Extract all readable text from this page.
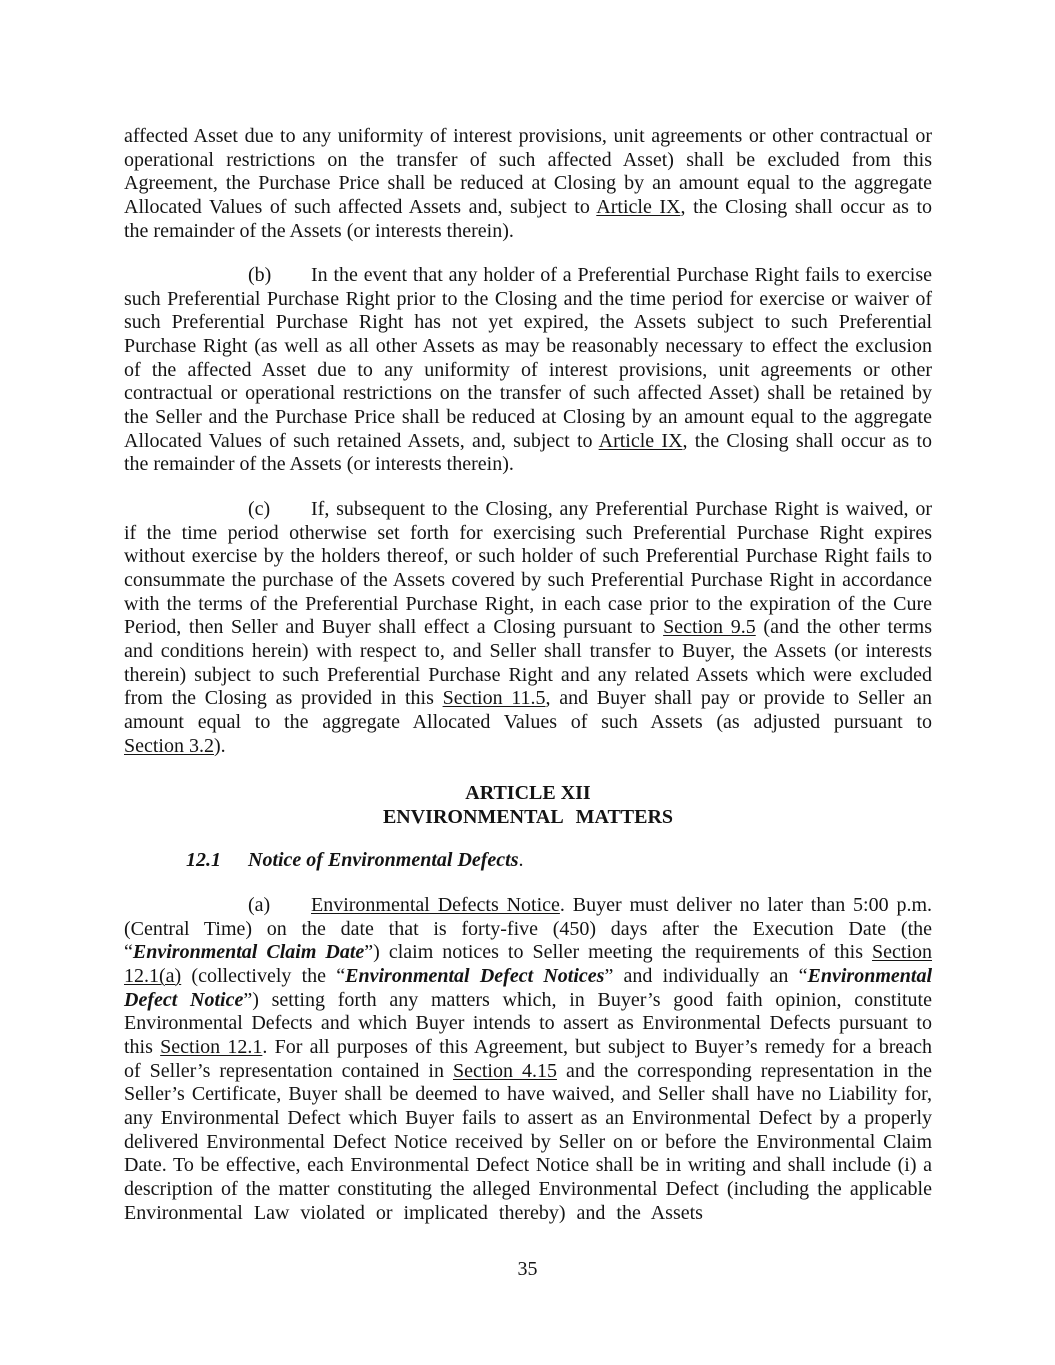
affected Asset due to any uniformity of interest provisions, unit agreements or other contractual or
operational restrictions on the transfer of such affected Asset) shall be excluded from this
Agreement, the Purchase Price shall be reduced at Closing by an amount equal to the aggregate
Allocated Values of such affected Assets and, subject to Article IX, the Closing shall occur as to
the remainder of the Assets (or interests therein).
(b) In the event that any holder of a Preferential Purchase Right fails to exercise
such Preferential Purchase Right prior to the Closing and the time period for exercise or waiver of
such Preferential Purchase Right has not yet expired, the Assets subject to such Preferential
Purchase Right (as well as all other Assets as may be reasonably necessary to effect the exclusion
of the affected Asset due to any uniformity of interest provisions, unit agreements or other
contractual or operational restrictions on the transfer of such affected Asset) shall be retained by
the Seller and the Purchase Price shall be reduced at Closing by an amount equal to the aggregate
Allocated Values of such retained Assets, and, subject to Article IX, the Closing shall occur as to
the remainder of the Assets (or interests therein).
(c) If, subsequent to the Closing, any Preferential Purchase Right is waived, or
if the time period otherwise set forth for exercising such Preferential Purchase Right expires
without exercise by the holders thereof, or such holder of such Preferential Purchase Right fails to
consummate the purchase of the Assets covered by such Preferential Purchase Right in accordance
with the terms of the Preferential Purchase Right, in each case prior to the expiration of the Cure
Period, then Seller and Buyer shall effect a Closing pursuant to Section 9.5 (and the other terms
and conditions herein) with respect to, and Seller shall transfer to Buyer, the Assets (or interests
therein) subject to such Preferential Purchase Right and any related Assets which were excluded
from the Closing as provided in this Section 11.5, and Buyer shall pay or provide to Seller an
amount equal to the aggregate Allocated Values of such Assets (as adjusted pursuant to
Section 3.2).
ARTICLE XII
ENVIRONMENTAL MATTERS
12.1 Notice of Environmental Defects.
(a) Environmental Defects Notice. Buyer must deliver no later than 5:00 p.m.
(Central Time) on the date that is forty-five (450) days after the Execution Date (the
“Environmental Claim Date”) claim notices to Seller meeting the requirements of this Section
12.1(a) (collectively the “Environmental Defect Notices” and individually an “Environmental
Defect Notice”) setting forth any matters which, in Buyer’s good faith opinion, constitute
Environmental Defects and which Buyer intends to assert as Environmental Defects pursuant to
this Section 12.1. For all purposes of this Agreement, but subject to Buyer’s remedy for a breach
of Seller’s representation contained in Section 4.15 and the corresponding representation in the
Seller’s Certificate, Buyer shall be deemed to have waived, and Seller shall have no Liability for,
any Environmental Defect which Buyer fails to assert as an Environmental Defect by a properly
delivered Environmental Defect Notice received by Seller on or before the Environmental Claim
Date. To be effective, each Environmental Defect Notice shall be in writing and shall include (i) a
description of the matter constituting the alleged Environmental Defect (including the applicable
Environmental Law violated or implicated thereby) and the Assets
35
